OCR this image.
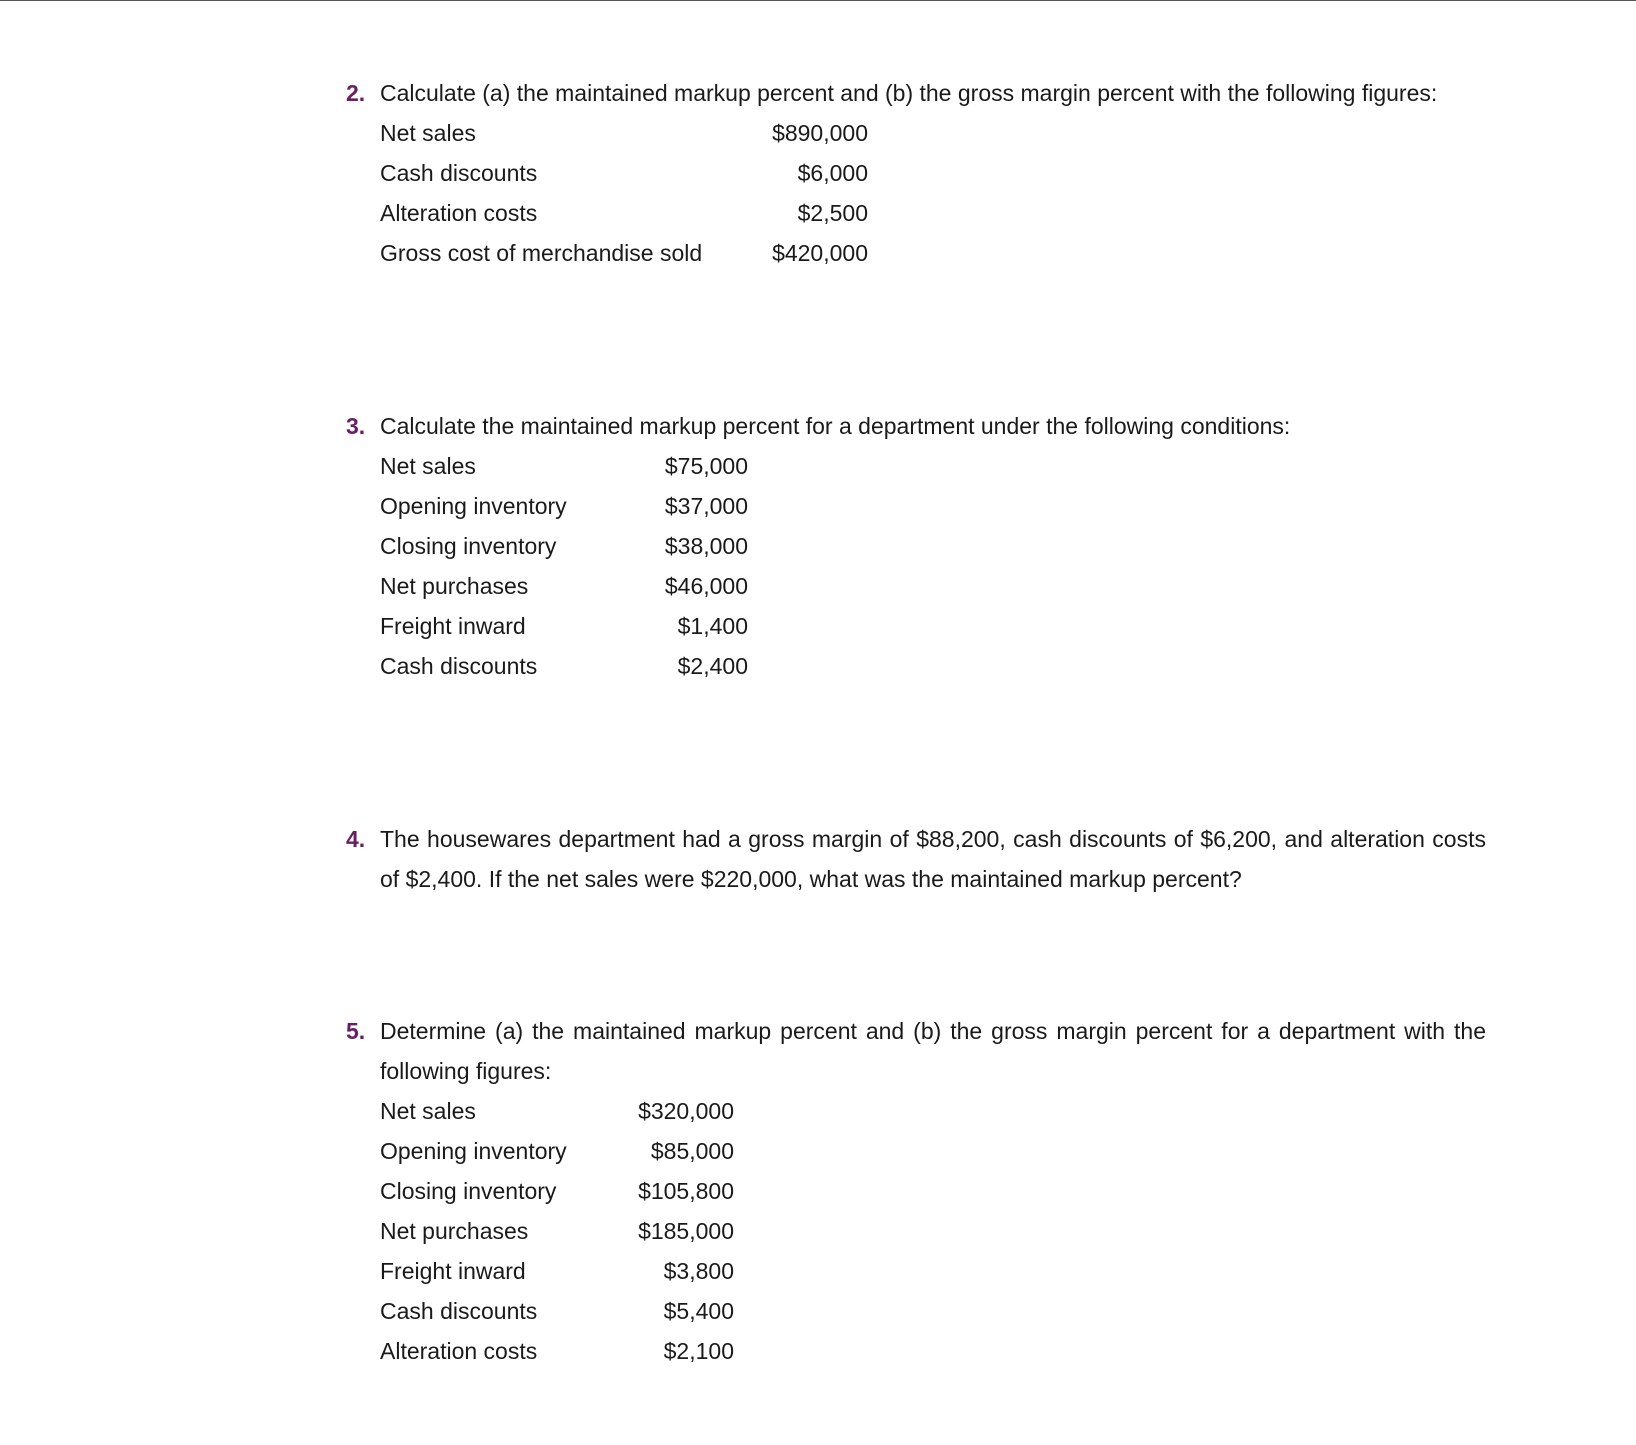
2. Calculate (a) the maintained markup percent and (b) the gross margin percent with the following figures:
Net sales	$890,000
Cash discounts	$6,000
Alteration costs	$2,500
Gross cost of merchandise sold	$420,000
3. Calculate the maintained markup percent for a department under the following conditions:
Net sales	$75,000
Opening inventory	$37,000
Closing inventory	$38,000
Net purchases	$46,000
Freight inward	$1,400
Cash discounts	$2,400
4. The housewares department had a gross margin of $88,200, cash discounts of $6,200, and alteration costs of $2,400. If the net sales were $220,000, what was the maintained markup percent?
5. Determine (a) the maintained markup percent and (b) the gross margin percent for a department with the following figures:
Net sales	$320,000
Opening inventory	$85,000
Closing inventory	$105,800
Net purchases	$185,000
Freight inward	$3,800
Cash discounts	$5,400
Alteration costs	$2,100
